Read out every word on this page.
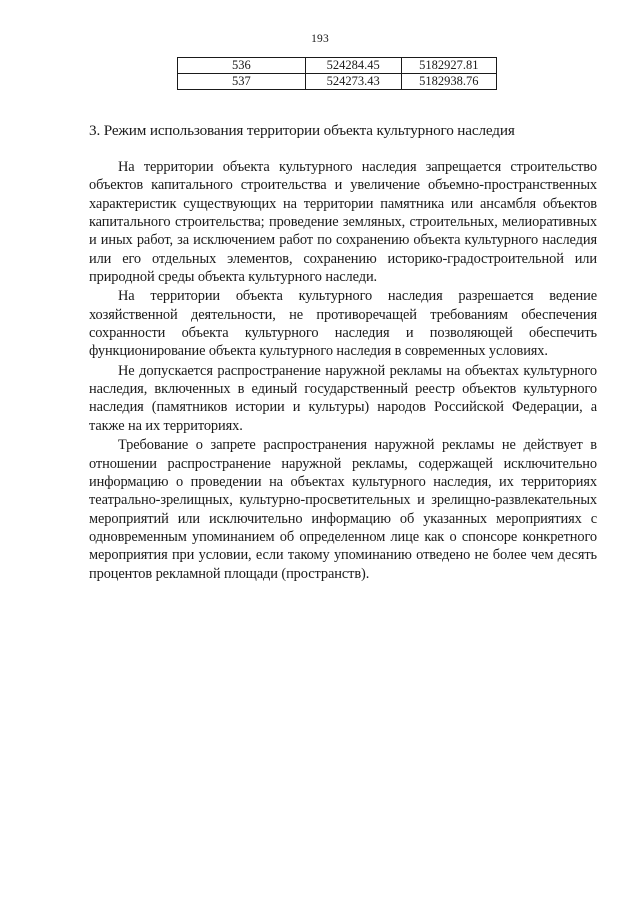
193
536	524284.45	5182927.81
537	524273.43	5182938.76
3. Режим использования территории объекта культурного наследия

На территории объекта культурного наследия запрещается строительство объектов капитального строительства и увеличение объемно-пространственных характеристик существующих на территории памятника или ансамбля объектов капитального строительства; проведение земляных, строительных, мелиоративных и иных работ, за исключением работ по сохранению объекта культурного наследия или его отдельных элементов, сохранению историко-градостроительной или природной среды объекта культурного наследи.

На территории объекта культурного наследия разрешается ведение хозяйственной деятельности, не противоречащей требованиям обеспечения сохранности объекта культурного наследия и позволяющей обеспечить функционирование объекта культурного наследия в современных условиях.

Не допускается распространение наружной рекламы на объектах культурного наследия, включенных в единый государственный реестр объектов культурного наследия (памятников истории и культуры) народов Российской Федерации, а также на их территориях.

Требование о запрете распространения наружной рекламы не действует в отношении распространение наружной рекламы, содержащей исключительно информацию о проведении на объектах культурного наследия, их территориях театрально-зрелищных, культурно-просветительных и зрелищно-развлекательных мероприятий или исключительно информацию об указанных мероприятиях с одновременным упоминанием об определенном лице как о спонсоре конкретного мероприятия при условии, если такому упоминанию отведено не более чем десять процентов рекламной площади (пространств).
